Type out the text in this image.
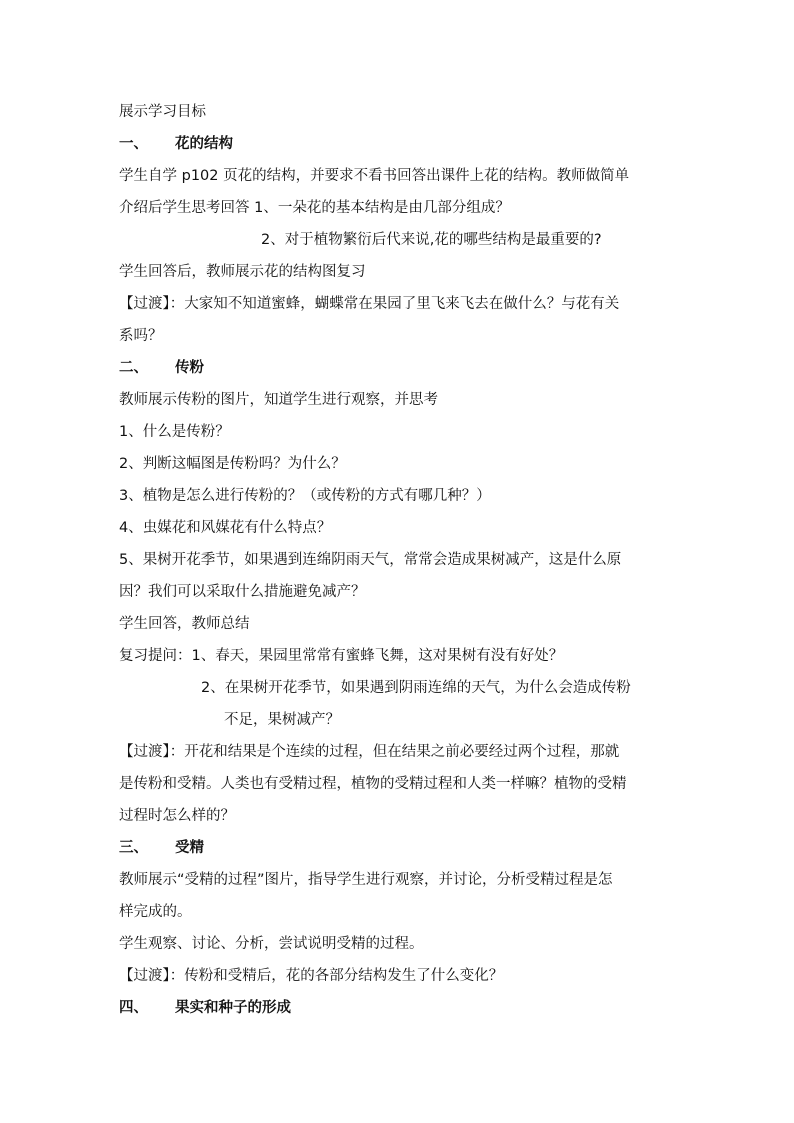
展示学习目标
一、 花的结构
学生自学 p102 页花的结构，并要求不看书回答出课件上花的结构。教师做简单
介绍后学生思考回答 1、一朵花的基本结构是由几部分组成？
2、对于植物繁衍后代来说,花的哪些结构是最重要的?
学生回答后，教师展示花的结构图复习
【过渡】：大家知不知道蜜蜂，蝴蝶常在果园了里飞来飞去在做什么？与花有关
系吗？
二、 传粉
教师展示传粉的图片，知道学生进行观察，并思考
1、什么是传粉？
2、判断这幅图是传粉吗？为什么？
3、植物是怎么进行传粉的？（或传粉的方式有哪几种？）
4、虫媒花和风媒花有什么特点？
5、果树开花季节，如果遇到连绵阴雨天气，常常会造成果树减产，这是什么原
因？我们可以采取什么措施避免减产？
学生回答，教师总结
复习提问：1、春天，果园里常常有蜜蜂飞舞，这对果树有没有好处？
2、在果树开花季节，如果遇到阴雨连绵的天气，为什么会造成传粉
不足，果树减产？
【过渡】：开花和结果是个连续的过程，但在结果之前必要经过两个过程，那就
是传粉和受精。人类也有受精过程，植物的受精过程和人类一样嘛？植物的受精
过程时怎么样的？
三、 受精
教师展示“受精的过程”图片，指导学生进行观察，并讨论，分析受精过程是怎
样完成的。
学生观察、讨论、分析，尝试说明受精的过程。
【过渡】：传粉和受精后，花的各部分结构发生了什么变化？
四、 果实和种子的形成
